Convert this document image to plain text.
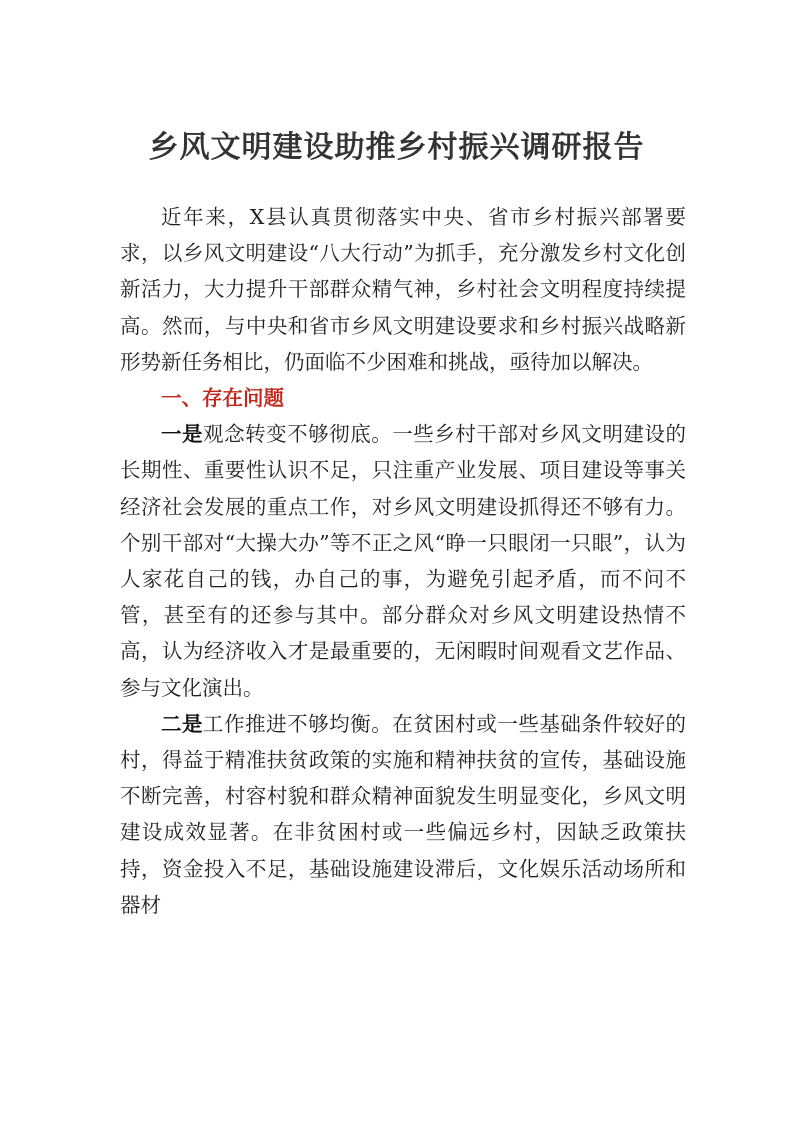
乡风文明建设助推乡村振兴调研报告

近年来，X县认真贯彻落实中央、省市乡村振兴部署要求，以乡风文明建设“八大行动”为抓手，充分激发乡村文化创新活力，大力提升干部群众精气神，乡村社会文明程度持续提高。然而，与中央和省市乡风文明建设要求和乡村振兴战略新形势新任务相比，仍面临不少困难和挑战，亟待加以解决。

一、存在问题

一是观念转变不够彻底。一些乡村干部对乡风文明建设的长期性、重要性认识不足，只注重产业发展、项目建设等事关经济社会发展的重点工作，对乡风文明建设抓得还不够有力。个别干部对“大操大办”等不正之风“睁一只眼闭一只眼”，认为人家花自己的钱，办自己的事，为避免引起矛盾，而不问不管，甚至有的还参与其中。部分群众对乡风文明建设热情不高，认为经济收入才是最重要的，无闲暇时间观看文艺作品、参与文化演出。

二是工作推进不够均衡。在贫困村或一些基础条件较好的村，得益于精准扶贫政策的实施和精神扶贫的宣传，基础设施不断完善，村容村貌和群众精神面貌发生明显变化，乡风文明建设成效显著。在非贫困村或一些偏远乡村，因缺乏政策扶持，资金投入不足，基础设施建设滞后，文化娱乐活动场所和器材
